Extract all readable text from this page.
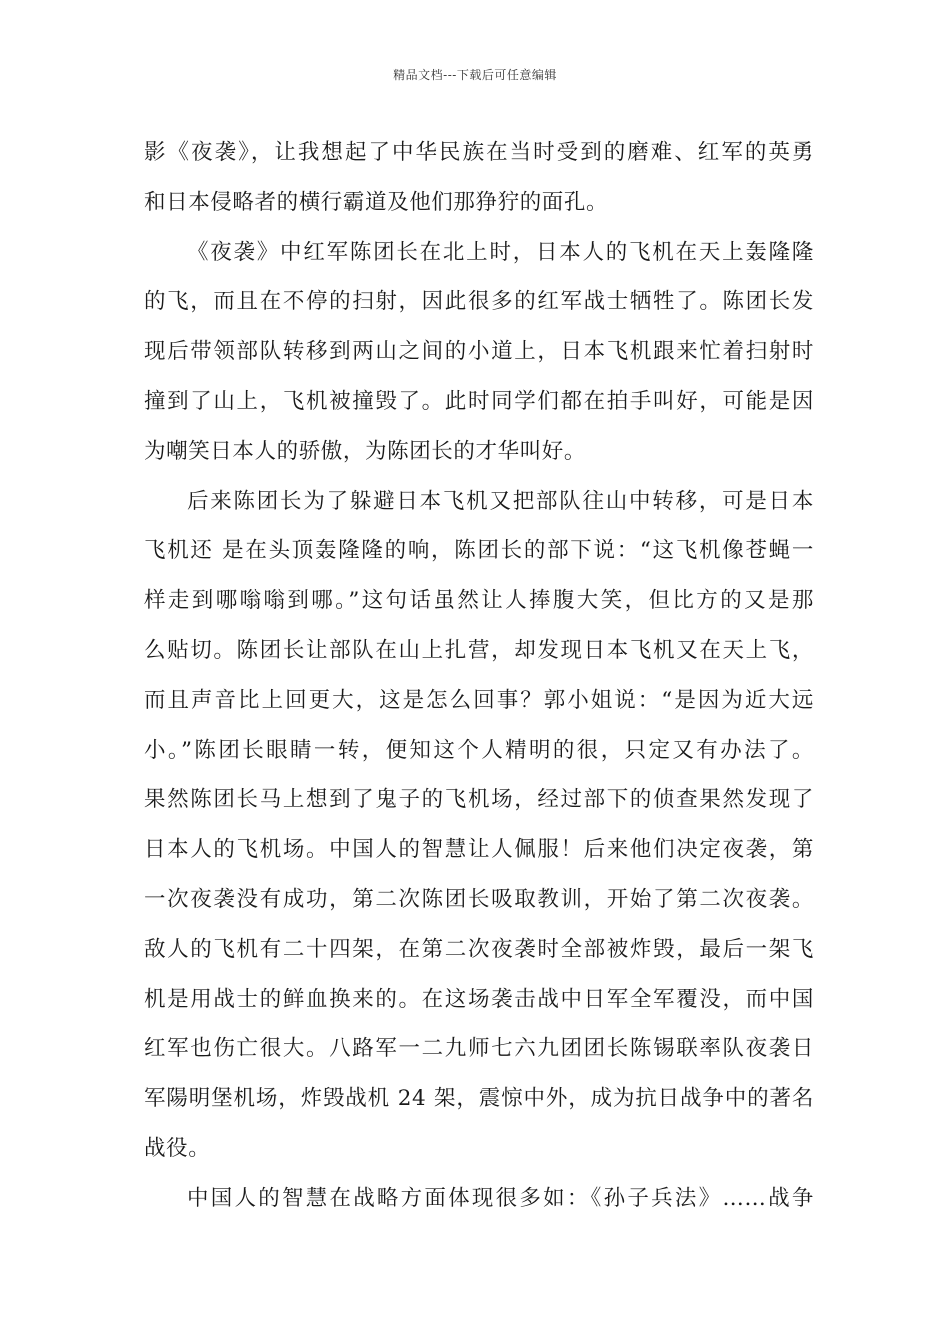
精品文档---下载后可任意编辑
影《夜袭》，让我想起了中华民族在当时受到的磨难、红军的英勇
和日本侵略者的横行霸道及他们那狰狞的面孔。
《夜袭》中红军陈团长在北上时，日本人的飞机在天上轰隆隆
的飞，而且在不停的扫射，因此很多的红军战士牺牲了。陈团长发
现后带领部队转移到两山之间的小道上，日本飞机跟来忙着扫射时
撞到了山上，飞机被撞毁了。此时同学们都在拍手叫好，可能是因
为嘲笑日本人的骄傲，为陈团长的才华叫好。
后来陈团长为了躲避日本飞机又把部队往山中转移，可是日本
飞机还 是在头顶轰隆隆的响，陈团长的部下说：“这飞机像苍蝇一
样走到哪嗡嗡到哪。”这句话虽然让人捧腹大笑，但比方的又是那
么贴切。陈团长让部队在山上扎营，却发现日本飞机又在天上飞，
而且声音比上回更大，这是怎么回事？郭小姐说：“是因为近大远
小。”陈团长眼睛一转，便知这个人精明的很，只定又有办法了。
果然陈团长马上想到了鬼子的飞机场，经过部下的侦查果然发现了
日本人的飞机场。中国人的智慧让人佩服！后来他们决定夜袭，第
一次夜袭没有成功，第二次陈团长吸取教训，开始了第二次夜袭。
敌人的飞机有二十四架，在第二次夜袭时全部被炸毁，最后一架飞
机是用战士的鲜血换来的。在这场袭击战中日军全军覆没，而中国
红军也伤亡很大。八路军一二九师七六九团团长陈锡联率队夜袭日
军陽明堡机场，炸毁战机 24 架，震惊中外，成为抗日战争中的著名
战役。
中国人的智慧在战略方面体现很多如：《孙子兵法》……战争
